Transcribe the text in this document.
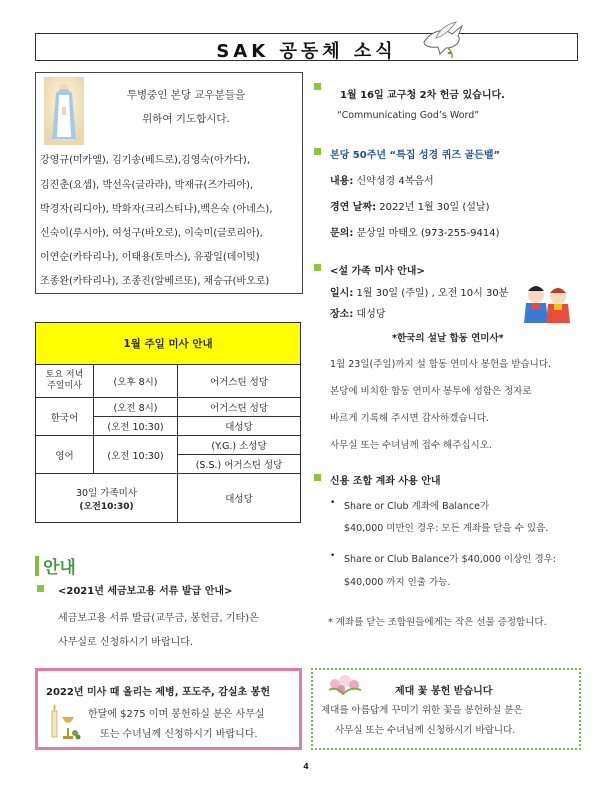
SAK 공동체 소식
투병중인 본당 교우분들을
위하여 기도합시다.
강영규(미카엘), 김기송(베드로),김영숙(아가다),
김진춘(요셉), 박선옥(글라라), 박재규(즈가리아),
박경자(리디아), 박화자(크리스티나),백은숙 (아녜스),
신숙이(루시아), 여성구(바오로), 이숙미(글로리아),
이연순(카타리나), 이태용(토마스), 유광일(데이빗)
조종완(카타리나), 조종진(알베르또), 채승규(바오로)
1월 주일 미사 안내		
토요 저녁
주일미사	(오후 8시)	어거스틴 성당
한국어	(오전 8시)	어거스틴 성당
	(오전 10:30)	대성당
영어	(오전 10:30)	(Y.G.) 소성당
		(S.S.) 어거스틴 성당

30일 가족미사
(오전10:30)		대성당
안내
<2021년 세금보고용 서류 발급 안내>
세금보고용 서류 발급(교무금, 봉헌금, 기타)은
사무실로 신청하시기 바랍니다.
2022년 미사 때 올리는 제병, 포도주, 감실초 봉헌
한달에 $275 이며 봉헌하실 분은 사무실
또는 수녀님께 신청하시기 바랍니다.
제대 꽃 봉헌 받습니다
제대를 아름답게 꾸미기 위한 꽃을 봉헌하실 분은
사무실 또는 수녀님께 신청하시기 바랍니다.
1월 16일 교구청 2차 헌금 있습니다.
“Communicating God’s Word”
본당 50주년 “특집 성경 퀴즈 골든벨”
내용: 신약성경 4복음서
경연 날짜: 2022년 1월 30일 (설날)
문의: 문상일 마태오 (973-255-9414)
<설 가족 미사 안내>
일시: 1월 30일 (주일) , 오전 10시 30분
장소: 대성당
*한국의 설날 합동 연미사*
1월 23일(주일)까지 설 합동 연미사 봉헌을 받습니다.
본당에 비치한 합동 연미사 봉투에 성함은 정자로
바르게 기록해 주시면 감사하겠습니다.
사무실 또는 수녀님께 접수 해주십시오.
신용 조합 계좌 사용 안내
• Share or Club 계좌에 Balance가
$40,000 미만인 경우: 모든 계좌를 닫을 수 있음.
• Share or Club Balance가 $40,000 이상인 경우:
$40,000 까지 인출 가능.
* 계좌를 닫는 조합원들에게는 작은 선물 증정합니다.
4
